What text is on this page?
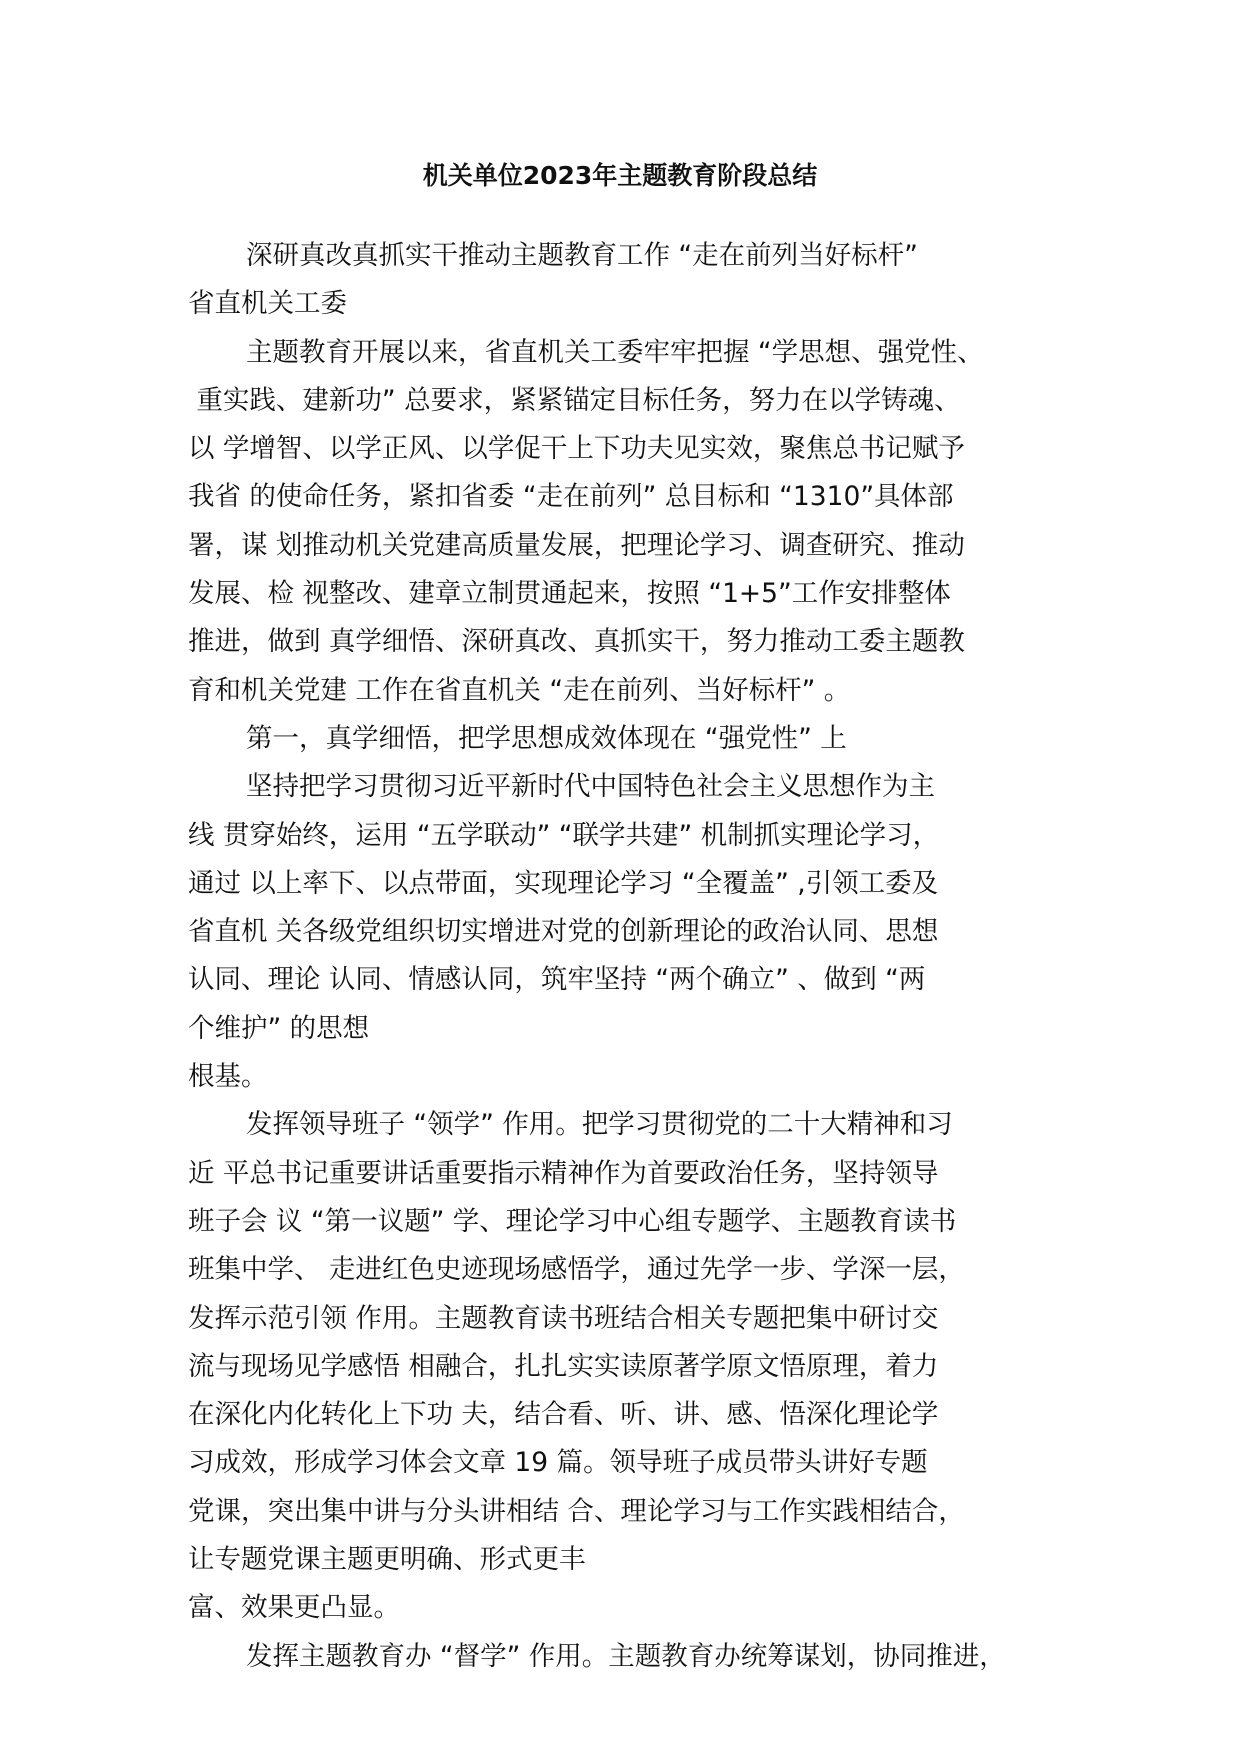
机关单位2023年主题教育阶段总结
深研真改真抓实干推动主题教育工作 “走在前列当好标杆”
省直机关工委
主题教育开展以来，省直机关工委牢牢把握 “学思想、强党性、
重实践、建新功” 总要求，紧紧锚定目标任务，努力在以学铸魂、
以 学增智、以学正风、以学促干上下功夫见实效，聚焦总书记赋予
我省 的使命任务，紧扣省委 “走在前列” 总目标和 “1310”具体部
署，谋 划推动机关党建高质量发展，把理论学习、调查研究、推动
发展、检 视整改、建章立制贯通起来，按照 “1+5”工作安排整体
推进，做到 真学细悟、深研真改、真抓实干，努力推动工委主题教
育和机关党建 工作在省直机关 “走在前列、当好标杆” 。
第一，真学细悟，把学思想成效体现在 “强党性” 上
坚持把学习贯彻习近平新时代中国特色社会主义思想作为主
线 贯穿始终，运用 “五学联动” “联学共建” 机制抓实理论学习，
通过 以上率下、以点带面，实现理论学习 “全覆盖” ,引领工委及
省直机 关各级党组织切实增进对党的创新理论的政治认同、思想
认同、理论 认同、情感认同，筑牢坚持 “两个确立” 、做到 “两
个维护” 的思想
根基。
发挥领导班子 “领学” 作用。把学习贯彻党的二十大精神和习
近 平总书记重要讲话重要指示精神作为首要政治任务，坚持领导
班子会 议 “第一议题” 学、理论学习中心组专题学、主题教育读书
班集中学、 走进红色史迹现场感悟学，通过先学一步、学深一层，
发挥示范引领 作用。主题教育读书班结合相关专题把集中研讨交
流与现场见学感悟 相融合，扎扎实实读原著学原文悟原理，着力
在深化内化转化上下功 夫，结合看、听、讲、感、悟深化理论学
习成效，形成学习体会文章 19 篇。领导班子成员带头讲好专题
党课，突出集中讲与分头讲相结 合、理论学习与工作实践相结合，
让专题党课主题更明确、形式更丰
富、效果更凸显。
发挥主题教育办 “督学” 作用。主题教育办统筹谋划，协同推进，
